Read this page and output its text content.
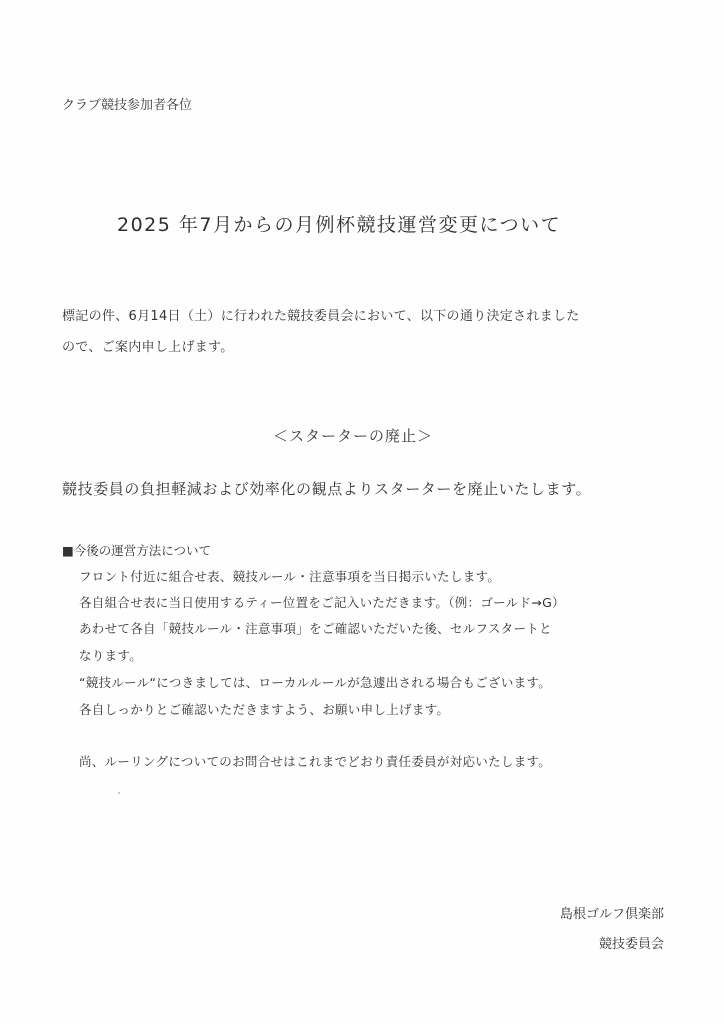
クラブ競技参加者各位

2025 年7月からの月例杯競技運営変更について

標記の件、6月14日（土）に行われた競技委員会において、以下の通り決定されました

ので、ご案内申し上げます。

＜スターターの廃止＞

競技委員の負担軽減および効率化の観点よりスターターを廃止いたします。

■今後の運営方法について

フロント付近に組合せ表、競技ルール・注意事項を当日掲示いたします。

各自組合せ表に当日使用するティー位置をご記入いただきます。（例：ゴールド→G）

あわせて各自「競技ルール・注意事項」をご確認いただいた後、セルフスタートと

なります。

“競技ルール“につきましては、ローカルルールが急遽出される場合もございます。

各自しっかりとご確認いただきますよう、お願い申し上げます。

尚、ルーリングについてのお問合せはこれまでどおり責任委員が対応いたします。

島根ゴルフ倶楽部

競技委員会
